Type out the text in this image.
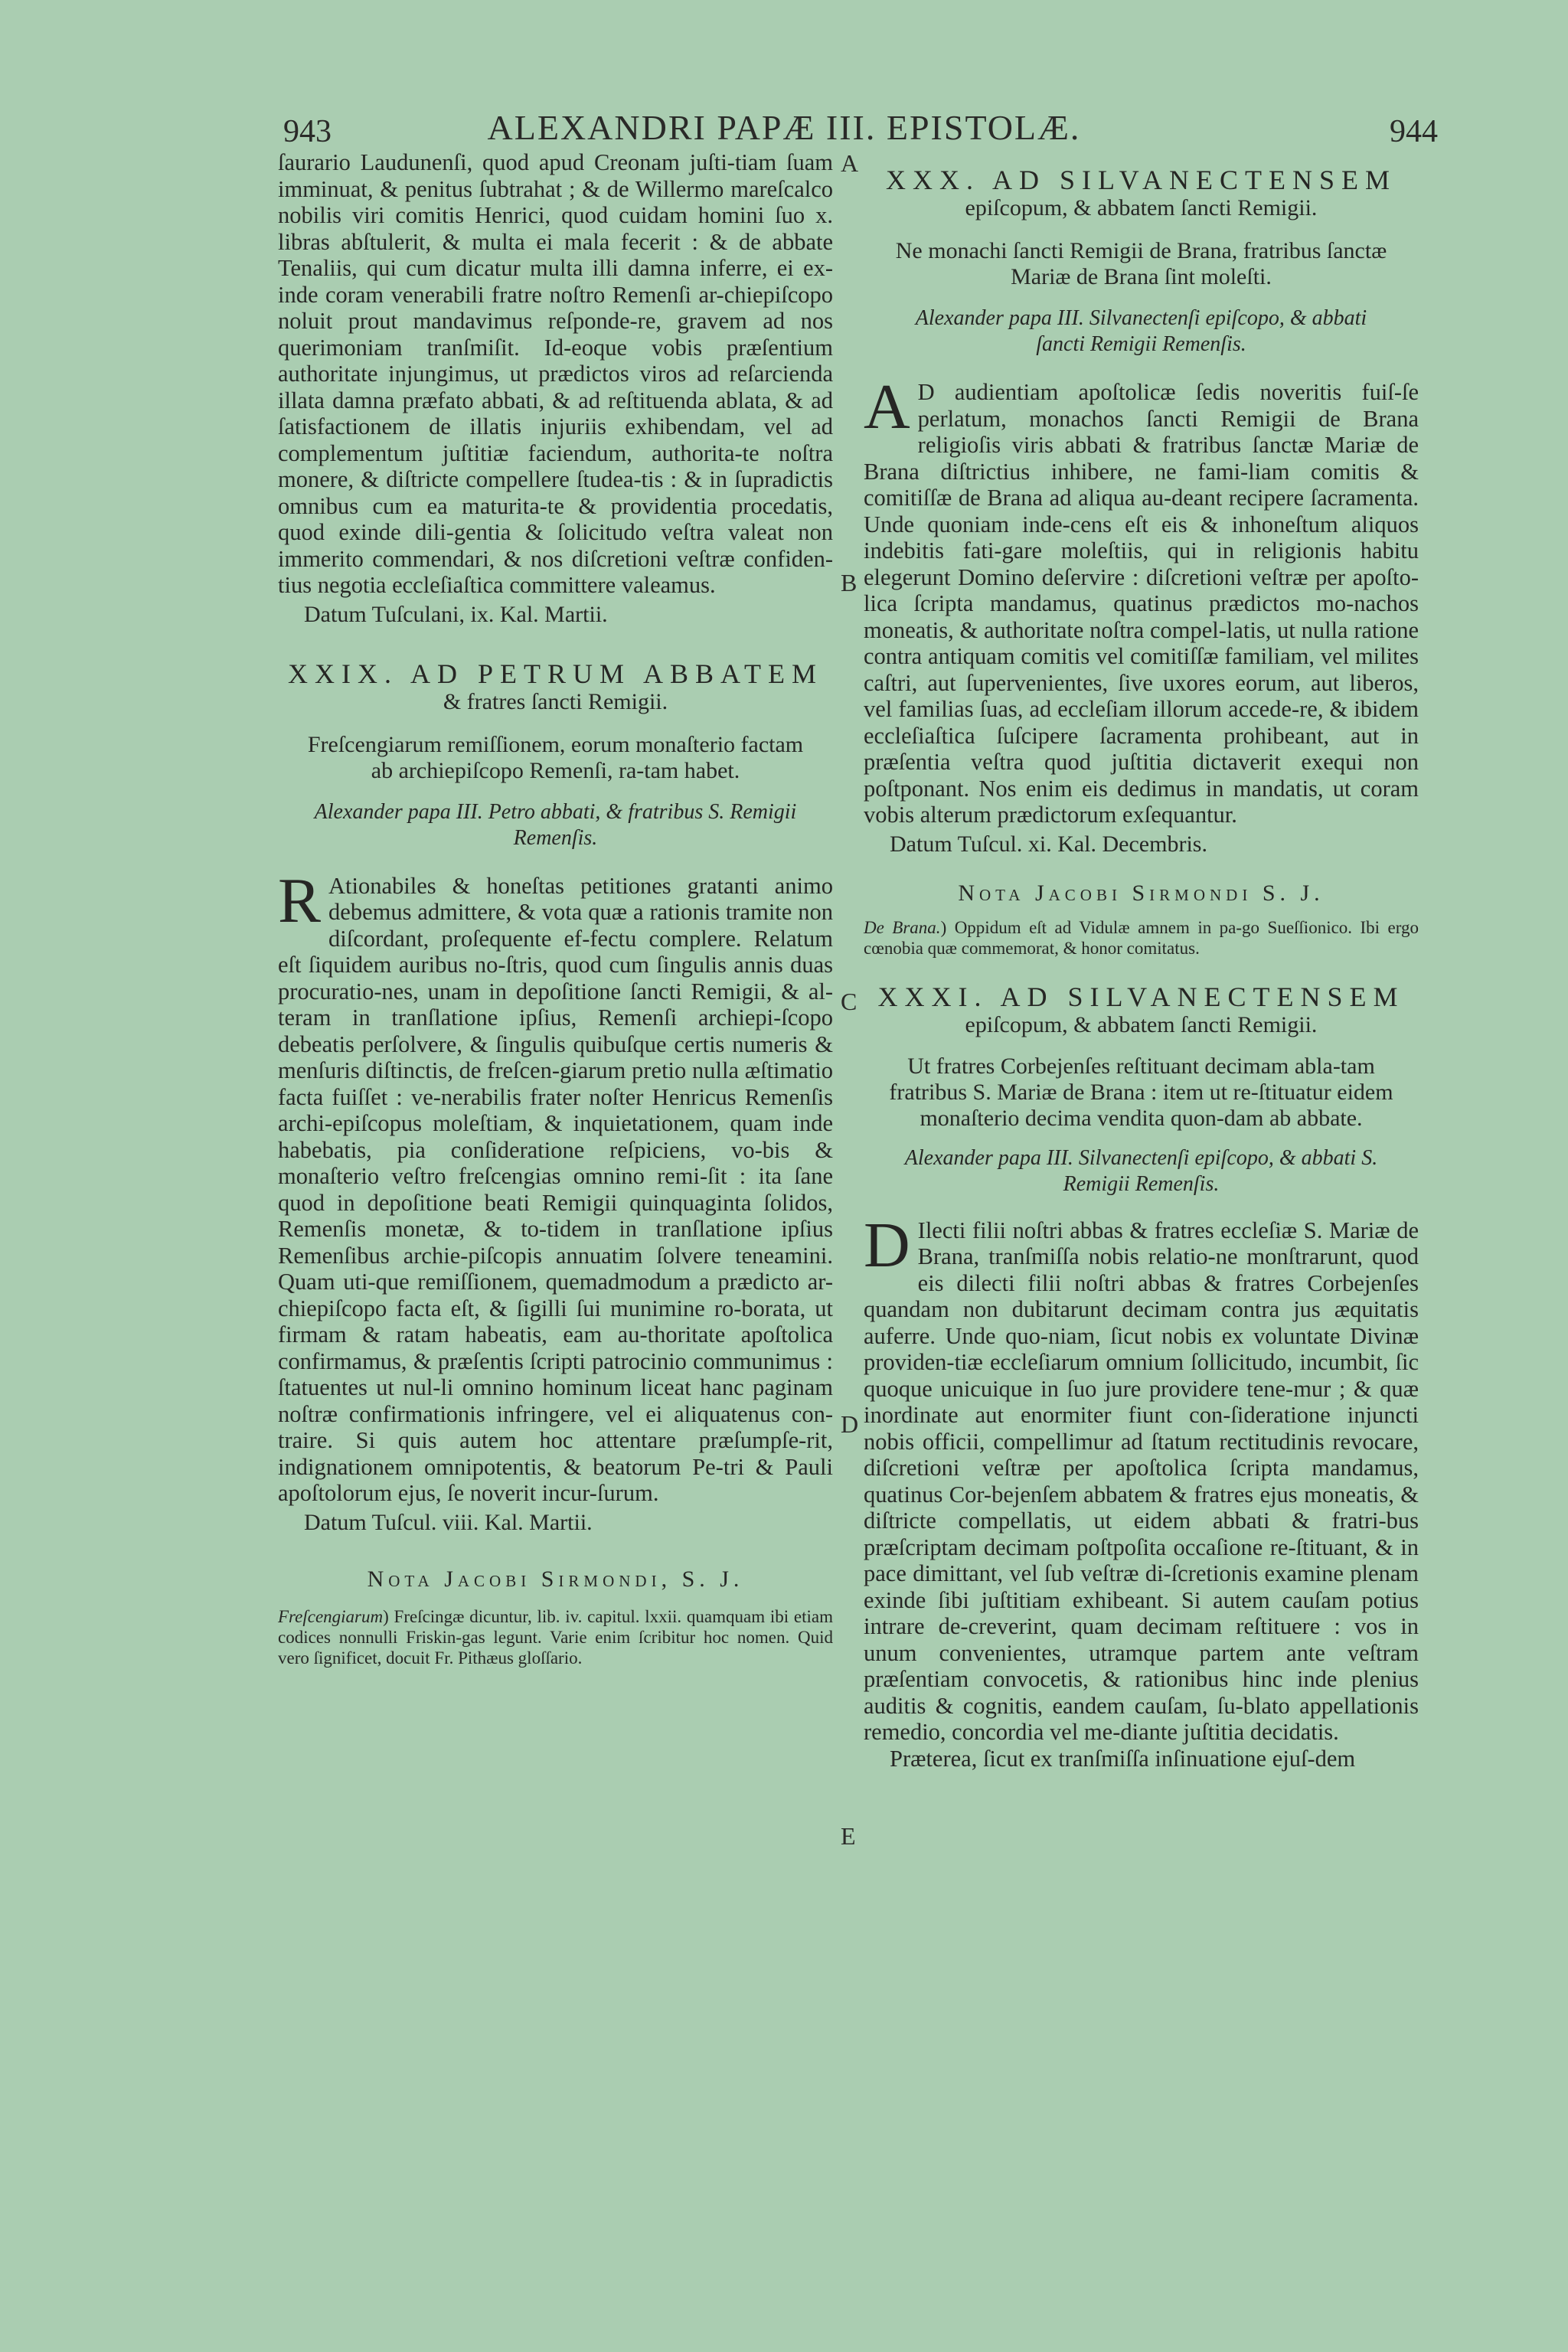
943	ALEXANDRI PAPÆ III. EPISTOLÆ.	944
A
B
C
D
E

ſaurario Laudunenſi, quod apud Creonam juſti-tiam ſuam imminuat, & penitus ſubtrahat ; & de Willermo mareſcalco nobilis viri comitis Henrici, quod cuidam homini ſuo x. libras abſtulerit, & multa ei mala fecerit : & de abbate Tenaliis, qui cum dicatur multa illi damna inferre, ei ex-inde coram venerabili fratre noſtro Remenſi ar-chiepiſcopo noluit prout mandavimus reſponde-re, gravem ad nos querimoniam tranſmiſit. Id-eoque vobis præſentium authoritate injungimus, ut prædictos viros ad reſarcienda illata damna præfato abbati, & ad reſtituenda ablata, & ad ſatisfactionem de illatis injuriis exhibendam, vel ad complementum juſtitiæ faciendum, authorita-te noſtra monere, & diſtricte compellere ſtudea-tis : & in ſupradictis omnibus cum ea maturita-te & providentia procedatis, quod exinde dili-gentia & ſolicitudo veſtra valeat non immerito commendari, & nos diſcretioni veſtræ confiden-tius negotia eccleſiaſtica committere valeamus.

Datum Tuſculani, ix. Kal. Martii.

XXIX. AD PETRUM ABBATEM

& fratres ſancti Remigii.

Freſcengiarum remiſſionem, eorum monaſterio factam ab archiepiſcopo Remenſi, ra-tam habet.

Alexander papa III. Petro abbati, & fratribus S. Remigii Remenſis.

R Ationabiles & honeſtas petitiones gratanti animo debemus admittere, & vota quæ a rationis tramite non diſcordant, proſequente ef-fectu complere. Relatum eſt ſiquidem auribus no-ſtris, quod cum ſingulis annis duas procuratio-nes, unam in depoſitione ſancti Remigii, & al-teram in tranſlatione ipſius, Remenſi archiepi-ſcopo debeatis perſolvere, & ſingulis quibuſque certis numeris & menſuris diſtinctis, de freſcen-giarum pretio nulla æſtimatio facta fuiſſet : ve-nerabilis frater noſter Henricus Remenſis archi-epiſcopus moleſtiam, & inquietationem, quam inde habebatis, pia conſideratione reſpiciens, vo-bis & monaſterio veſtro freſcengias omnino remi-ſit : ita ſane quod in depoſitione beati Remigii quinquaginta ſolidos, Remenſis monetæ, & to-tidem in tranſlatione ipſius Remenſibus archie-piſcopis annuatim ſolvere teneamini. Quam uti-que remiſſionem, quemadmodum a prædicto ar-chiepiſcopo facta eſt, & ſigilli ſui munimine ro-borata, ut firmam & ratam habeatis, eam au-thoritate apoſtolica confirmamus, & præſentis ſcripti patrocinio communimus : ſtatuentes ut nul-li omnino hominum liceat hanc paginam noſtræ confirmationis infringere, vel ei aliquatenus con-traire. Si quis autem hoc attentare præſumpſe-rit, indignationem omnipotentis, & beatorum Pe-tri & Pauli apoſtolorum ejus, ſe noverit incur-ſurum.

Datum Tuſcul. viii. Kal. Martii.

Nota Jacobi Sirmondi, S. J.

Freſcengiarum) Freſcingæ dicuntur, lib. iv. capitul. lxxii. quamquam ibi etiam codices nonnulli Friskin-gas legunt. Varie enim ſcribitur hoc nomen. Quid vero ſignificet, docuit Fr. Pithæus gloſſario.

XXX. AD SILVANECTENSEM

epiſcopum, & abbatem ſancti Remigii.

Ne monachi ſancti Remigii de Brana, fratribus ſanctæ Mariæ de Brana ſint moleſti.

Alexander papa III. Silvanectenſi epiſcopo, & abbati ſancti Remigii Remenſis.

A D audientiam apoſtolicæ ſedis noveritis fuiſ-ſe perlatum, monachos ſancti Remigii de Brana religioſis viris abbati & fratribus ſanctæ Mariæ de Brana diſtrictius inhibere, ne fami-liam comitis & comitiſſæ de Brana ad aliqua au-deant recipere ſacramenta. Unde quoniam inde-cens eſt eis & inhoneſtum aliquos indebitis fati-gare moleſtiis, qui in religionis habitu elegerunt Domino deſervire : diſcretioni veſtræ per apoſto-lica ſcripta mandamus, quatinus prædictos mo-nachos moneatis, & authoritate noſtra compel-latis, ut nulla ratione contra antiquam comitis vel comitiſſæ familiam, vel milites caſtri, aut ſupervenientes, ſive uxores eorum, aut liberos, vel familias ſuas, ad eccleſiam illorum accede-re, & ibidem eccleſiaſtica ſuſcipere ſacramenta prohibeant, aut in præſentia veſtra quod juſtitia dictaverit exequi non poſtponant. Nos enim eis dedimus in mandatis, ut coram vobis alterum prædictorum exſequantur.

Datum Tuſcul. xi. Kal. Decembris.

Nota Jacobi Sirmondi S. J.

De Brana.) Oppidum eſt ad Vidulæ amnem in pa-go Sueſſionico. Ibi ergo cœnobia quæ commemorat, & honor comitatus.

XXXI. AD SILVANECTENSEM

epiſcopum, & abbatem ſancti Remigii.

Ut fratres Corbejenſes reſtituant decimam abla-tam fratribus S. Mariæ de Brana : item ut re-ſtituatur eidem monaſterio decima vendita quon-dam ab abbate.

Alexander papa III. Silvanectenſi epiſcopo, & abbati S. Remigii Remenſis.

D Ilecti filii noſtri abbas & fratres eccleſiæ S. Mariæ de Brana, tranſmiſſa nobis relatio-ne monſtrarunt, quod eis dilecti filii noſtri abbas & fratres Corbejenſes quandam non dubitarunt decimam contra jus æquitatis auferre. Unde quo-niam, ſicut nobis ex voluntate Divinæ providen-tiæ eccleſiarum omnium ſollicitudo, incumbit, ſic quoque unicuique in ſuo jure providere tene-mur ; & quæ inordinate aut enormiter fiunt con-ſideratione injuncti nobis officii, compellimur ad ſtatum rectitudinis revocare, diſcretioni veſtræ per apoſtolica ſcripta mandamus, quatinus Cor-bejenſem abbatem & fratres ejus moneatis, & diſtricte compellatis, ut eidem abbati & fratri-bus præſcriptam decimam poſtpoſita occaſione re-ſtituant, & in pace dimittant, vel ſub veſtræ di-ſcretionis examine plenam exinde ſibi juſtitiam exhibeant. Si autem cauſam potius intrare de-creverint, quam decimam reſtituere : vos in unum convenientes, utramque partem ante veſtram præſentiam convocetis, & rationibus hinc inde plenius auditis & cognitis, eandem cauſam, ſu-blato appellationis remedio, concordia vel me-diante juſtitia decidatis.

Præterea, ſicut ex tranſmiſſa inſinuatione ejuſ-dem
